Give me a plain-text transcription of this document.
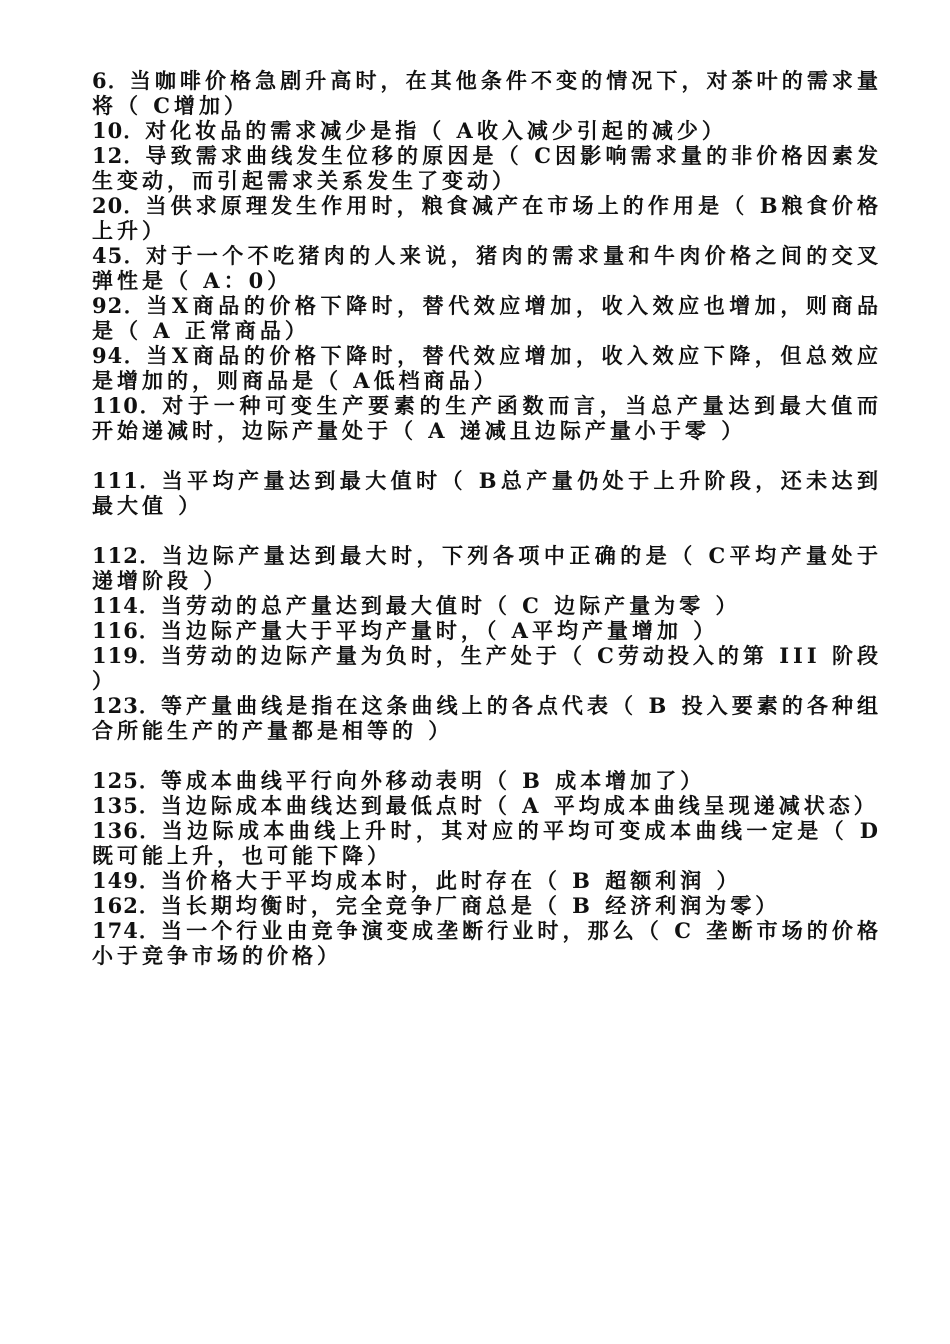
6．当咖啡价格急剧升高时，在其他条件不变的情况下，对茶叶的需求量将（ C增加）

10．对化妆品的需求减少是指（ A收入减少引起的减少）

12．导致需求曲线发生位移的原因是（ C因影响需求量的非价格因素发生变动，而引起需求关系发生了变动）

20．当供求原理发生作用时，粮食减产在市场上的作用是（ B粮食价格上升）

45．对于一个不吃猪肉的人来说，猪肉的需求量和牛肉价格之间的交叉弹性是（ A：0）

92．当X商品的价格下降时，替代效应增加，收入效应也增加，则商品是（ A 正常商品）

94．当X商品的价格下降时，替代效应增加，收入效应下降，但总效应是增加的，则商品是（ A低档商品）

110．对于一种可变生产要素的生产函数而言，当总产量达到最大值而开始递减时，边际产量处于（ A 递减且边际产量小于零 ）

111．当平均产量达到最大值时（ B总产量仍处于上升阶段，还未达到最大值 ）

112．当边际产量达到最大时，下列各项中正确的是（ C平均产量处于递增阶段 ）

114．当劳动的总产量达到最大值时（ C 边际产量为零 ）

116．当边际产量大于平均产量时，（ A平均产量增加 ）

119．当劳动的边际产量为负时，生产处于（ C劳动投入的第 III 阶段 ）

123．等产量曲线是指在这条曲线上的各点代表（ B 投入要素的各种组合所能生产的产量都是相等的 ）

125．等成本曲线平行向外移动表明（ B 成本增加了）

135．当边际成本曲线达到最低点时（ A 平均成本曲线呈现递减状态）

136．当边际成本曲线上升时，其对应的平均可变成本曲线一定是（ D 既可能上升，也可能下降）

149．当价格大于平均成本时，此时存在（ B 超额利润 ）

162．当长期均衡时，完全竞争厂商总是（ B 经济利润为零）

174．当一个行业由竞争演变成垄断行业时，那么（ C 垄断市场的价格小于竞争市场的价格）
